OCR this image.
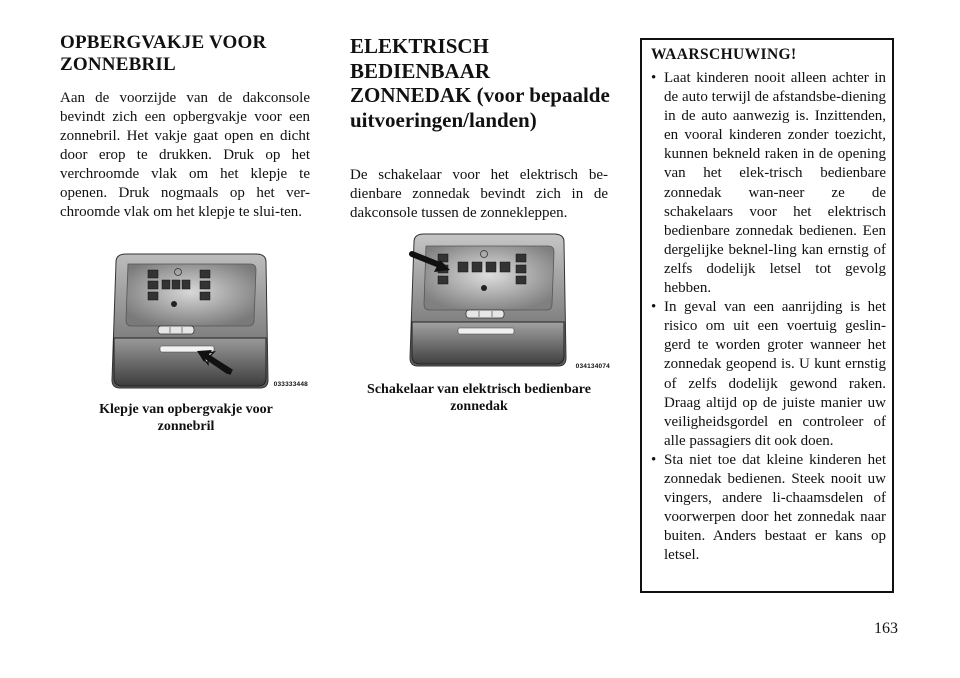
OPBERGVAKJE VOOR ZONNEBRIL

Aan de voorzijde van de dakconsole bevindt zich een opbergvakje voor een zonnebril. Het vakje gaat open en dicht door erop te drukken. Druk op het verchroomde vlak om het klepje te openen. Druk nogmaals op het ver-chroomde vlak om het klepje te slui-ten.

033333448

Klepje van opbergvakje voor zonnebril

ELEKTRISCH BEDIENBAAR ZONNEDAK (voor bepaalde uitvoeringen/landen)

De schakelaar voor het elektrisch be-dienbare zonnedak bevindt zich in de dakconsole tussen de zonnekleppen.

034134074

Schakelaar van elektrisch bedienbare zonnedak

WAARSCHUWING!
• Laat kinderen nooit alleen achter in de auto terwijl de afstandsbe-diening in de auto aanwezig is. Inzittenden, en vooral kinderen zonder toezicht, kunnen bekneld raken in de opening van het elek-trisch bedienbare zonnedak wan-neer ze de schakelaars voor het elektrisch bedienbare zonnedak bedienen. Een dergelijke beknel-ling kan ernstig of zelfs dodelijk letsel tot gevolg hebben.
• In geval van een aanrijding is het risico om uit een voertuig geslin-gerd te worden groter wanneer het zonnedak geopend is. U kunt ernstig of zelfs dodelijk gewond raken. Draag altijd op de juiste manier uw veiligheidsgordel en controleer of alle passagiers dit ook doen.
• Sta niet toe dat kleine kinderen het zonnedak bedienen. Steek nooit uw vingers, andere li-chaamsdelen of voorwerpen door het zonnedak naar buiten. Anders bestaat er kans op letsel.
163
